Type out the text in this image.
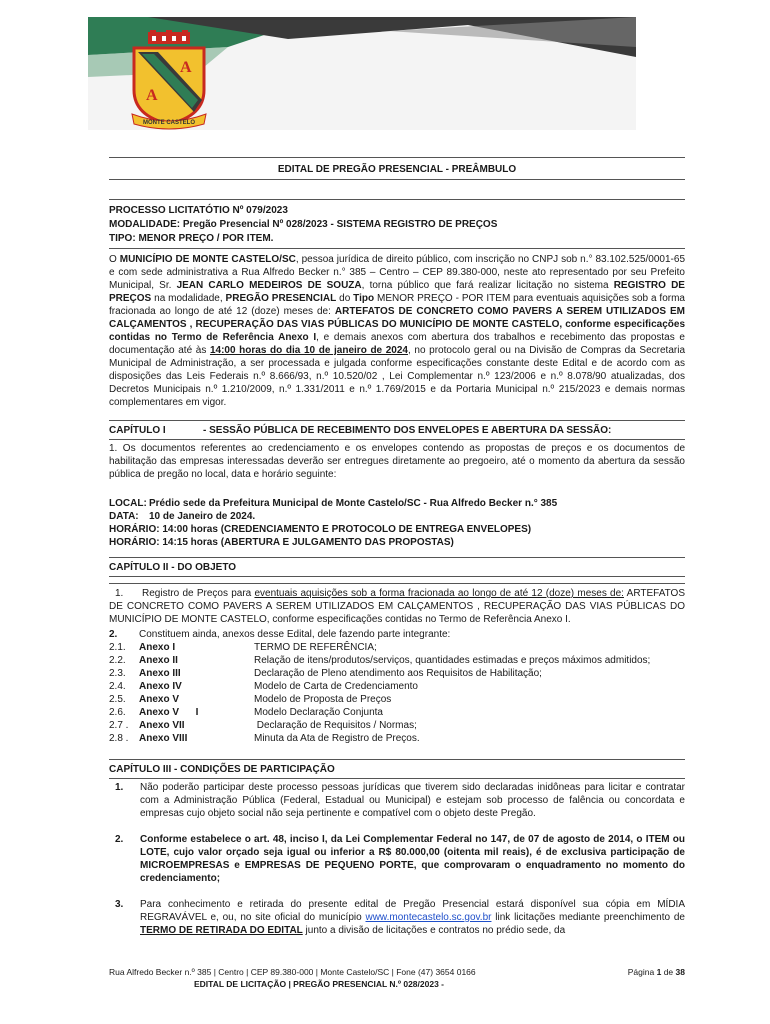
A
A
MONTE CASTELO
EDITAL DE PREGÃO PRESENCIAL - PREÂMBULO
PROCESSO LICITATÓTIO Nº 079/2023
MODALIDADE: Pregão Presencial Nº 028/2023 - SISTEMA REGISTRO DE PREÇOS
TIPO: MENOR PREÇO / POR ITEM.

O MUNICÍPIO DE MONTE CASTELO/SC, pessoa jurídica de direito público, com inscrição no CNPJ sob n.° 83.102.525/0001-65 e com sede administrativa a Rua Alfredo Becker n.° 385 – Centro – CEP 89.380-000, neste ato representado por seu Prefeito Municipal, Sr. JEAN CARLO MEDEIROS DE SOUZA, torna público que fará realizar licitação no sistema REGISTRO DE PREÇOS na modalidade, PREGÃO PRESENCIAL do Tipo MENOR PREÇO - POR ITEM para eventuais aquisições sob a forma fracionada ao longo de até 12 (doze) meses de: ARTEFATOS DE CONCRETO COMO PAVERS A SEREM UTILIZADOS EM CALÇAMENTOS , RECUPERAÇÃO DAS VIAS PÚBLICAS DO MUNICÍPIO DE MONTE CASTELO, conforme especificações contidas no Termo de Referência Anexo I, e demais anexos com abertura dos trabalhos e recebimento das propostas e documentação até às 14:00 horas do dia 10 de janeiro de 2024, no protocolo geral ou na Divisão de Compras da Secretaria Municipal de Administração, a ser processada e julgada conforme especificações constante deste Edital e de acordo com as disposições das Leis Federais n.º 8.666/93, n.º 10.520/02 , Lei Complementar n.º 123/2006 e n.º 8.078/90 atualizadas, dos Decretos Municipais n.º 1.210/2009, n.º 1.331/2011 e n.º 1.769/2015 e da Portaria Municipal n.º 215/2023 e demais normas complementares em vigor.

CAPÍTULO I	- SESSÃO PÚBLICA DE RECEBIMENTO DOS ENVELOPES E ABERTURA DA SESSÃO:

1. Os documentos referentes ao credenciamento e os envelopes contendo as propostas de preços e os documentos de habilitação das empresas interessadas deverão ser entregues diretamente ao pregoeiro, até o momento da abertura da sessão pública de pregão no local, data e horário seguinte:

LOCAL: Prédio sede da Prefeitura Municipal de Monte Castelo/SC - Rua Alfredo Becker n.° 385
DATA:	10 de Janeiro de 2024.
HORÁRIO: 14:00 horas (CREDENCIAMENTO E PROTOCOLO DE ENTREGA ENVELOPES)
HORÁRIO: 14:15 horas (ABERTURA E JULGAMENTO DAS PROPOSTAS)
CAPÍTULO II - DO OBJETO

1. Registro de Preços para eventuais aquisições sob a forma fracionada ao longo de até 12 (doze) meses de: ARTEFATOS DE CONCRETO COMO PAVERS A SEREM UTILIZADOS EM CALÇAMENTOS , RECUPERAÇÃO DAS VIAS PÚBLICAS DO MUNICÍPIO DE MONTE CASTELO, conforme especificações contidas no Termo de Referência Anexo I.

2.	Constituem ainda, anexos desse Edital, dele fazendo parte integrante:
2.1.	Anexo I	TERMO DE REFERÊNCIA;
2.2.	Anexo II	Relação de itens/produtos/serviços, quantidades estimadas e preços máximos admitidos;
2.3.	Anexo III	Declaração de Pleno atendimento aos Requisitos de Habilitação;
2.4.	Anexo IV	Modelo de Carta de Credenciamento
2.5.	Anexo V	Modelo de Proposta de Preços
2.6.	Anexo V      I	Modelo Declaração Conjunta
2.7 .	Anexo VII	Declaração de Requisitos / Normas;
2.8 .	Anexo VIII	Minuta da Ata de Registro de Preços.
CAPÍTULO III - CONDIÇÕES DE PARTICIPAÇÃO
1.	Não poderão participar deste processo pessoas jurídicas que tiverem sido declaradas inidôneas para licitar e contratar com a Administração Pública (Federal, Estadual ou Municipal) e estejam sob processo de falência ou concordata e empresas cujo objeto social não seja pertinente e compatível com o objeto deste Pregão.
2.	Conforme estabelece o art. 48, inciso I, da Lei Complementar Federal no 147, de 07 de agosto de 2014, o ITEM ou LOTE, cujo valor orçado seja igual ou inferior a R$ 80.000,00 (oitenta mil reais), é de exclusiva participação de MICROEMPRESAS e EMPRESAS DE PEQUENO PORTE, que comprovaram o enquadramento no momento do credenciamento;
3.	Para conhecimento e retirada do presente edital de Pregão Presencial estará disponível sua cópia em MÍDIA REGRAVÁVEL e, ou, no site oficial do município www.montecastelo.sc.gov.br link licitações mediante preenchimento de TERMO DE RETIRADA DO EDITAL junto a divisão de licitações e contratos no prédio sede, da
Rua Alfredo Becker n.º 385 | Centro | CEP 89.380-000 | Monte Castelo/SC | Fone (47) 3654 0166	Página 1 de 38
EDITAL DE LICITAÇÃO | PREGÃO PRESENCIAL N.º 028/2023 -
